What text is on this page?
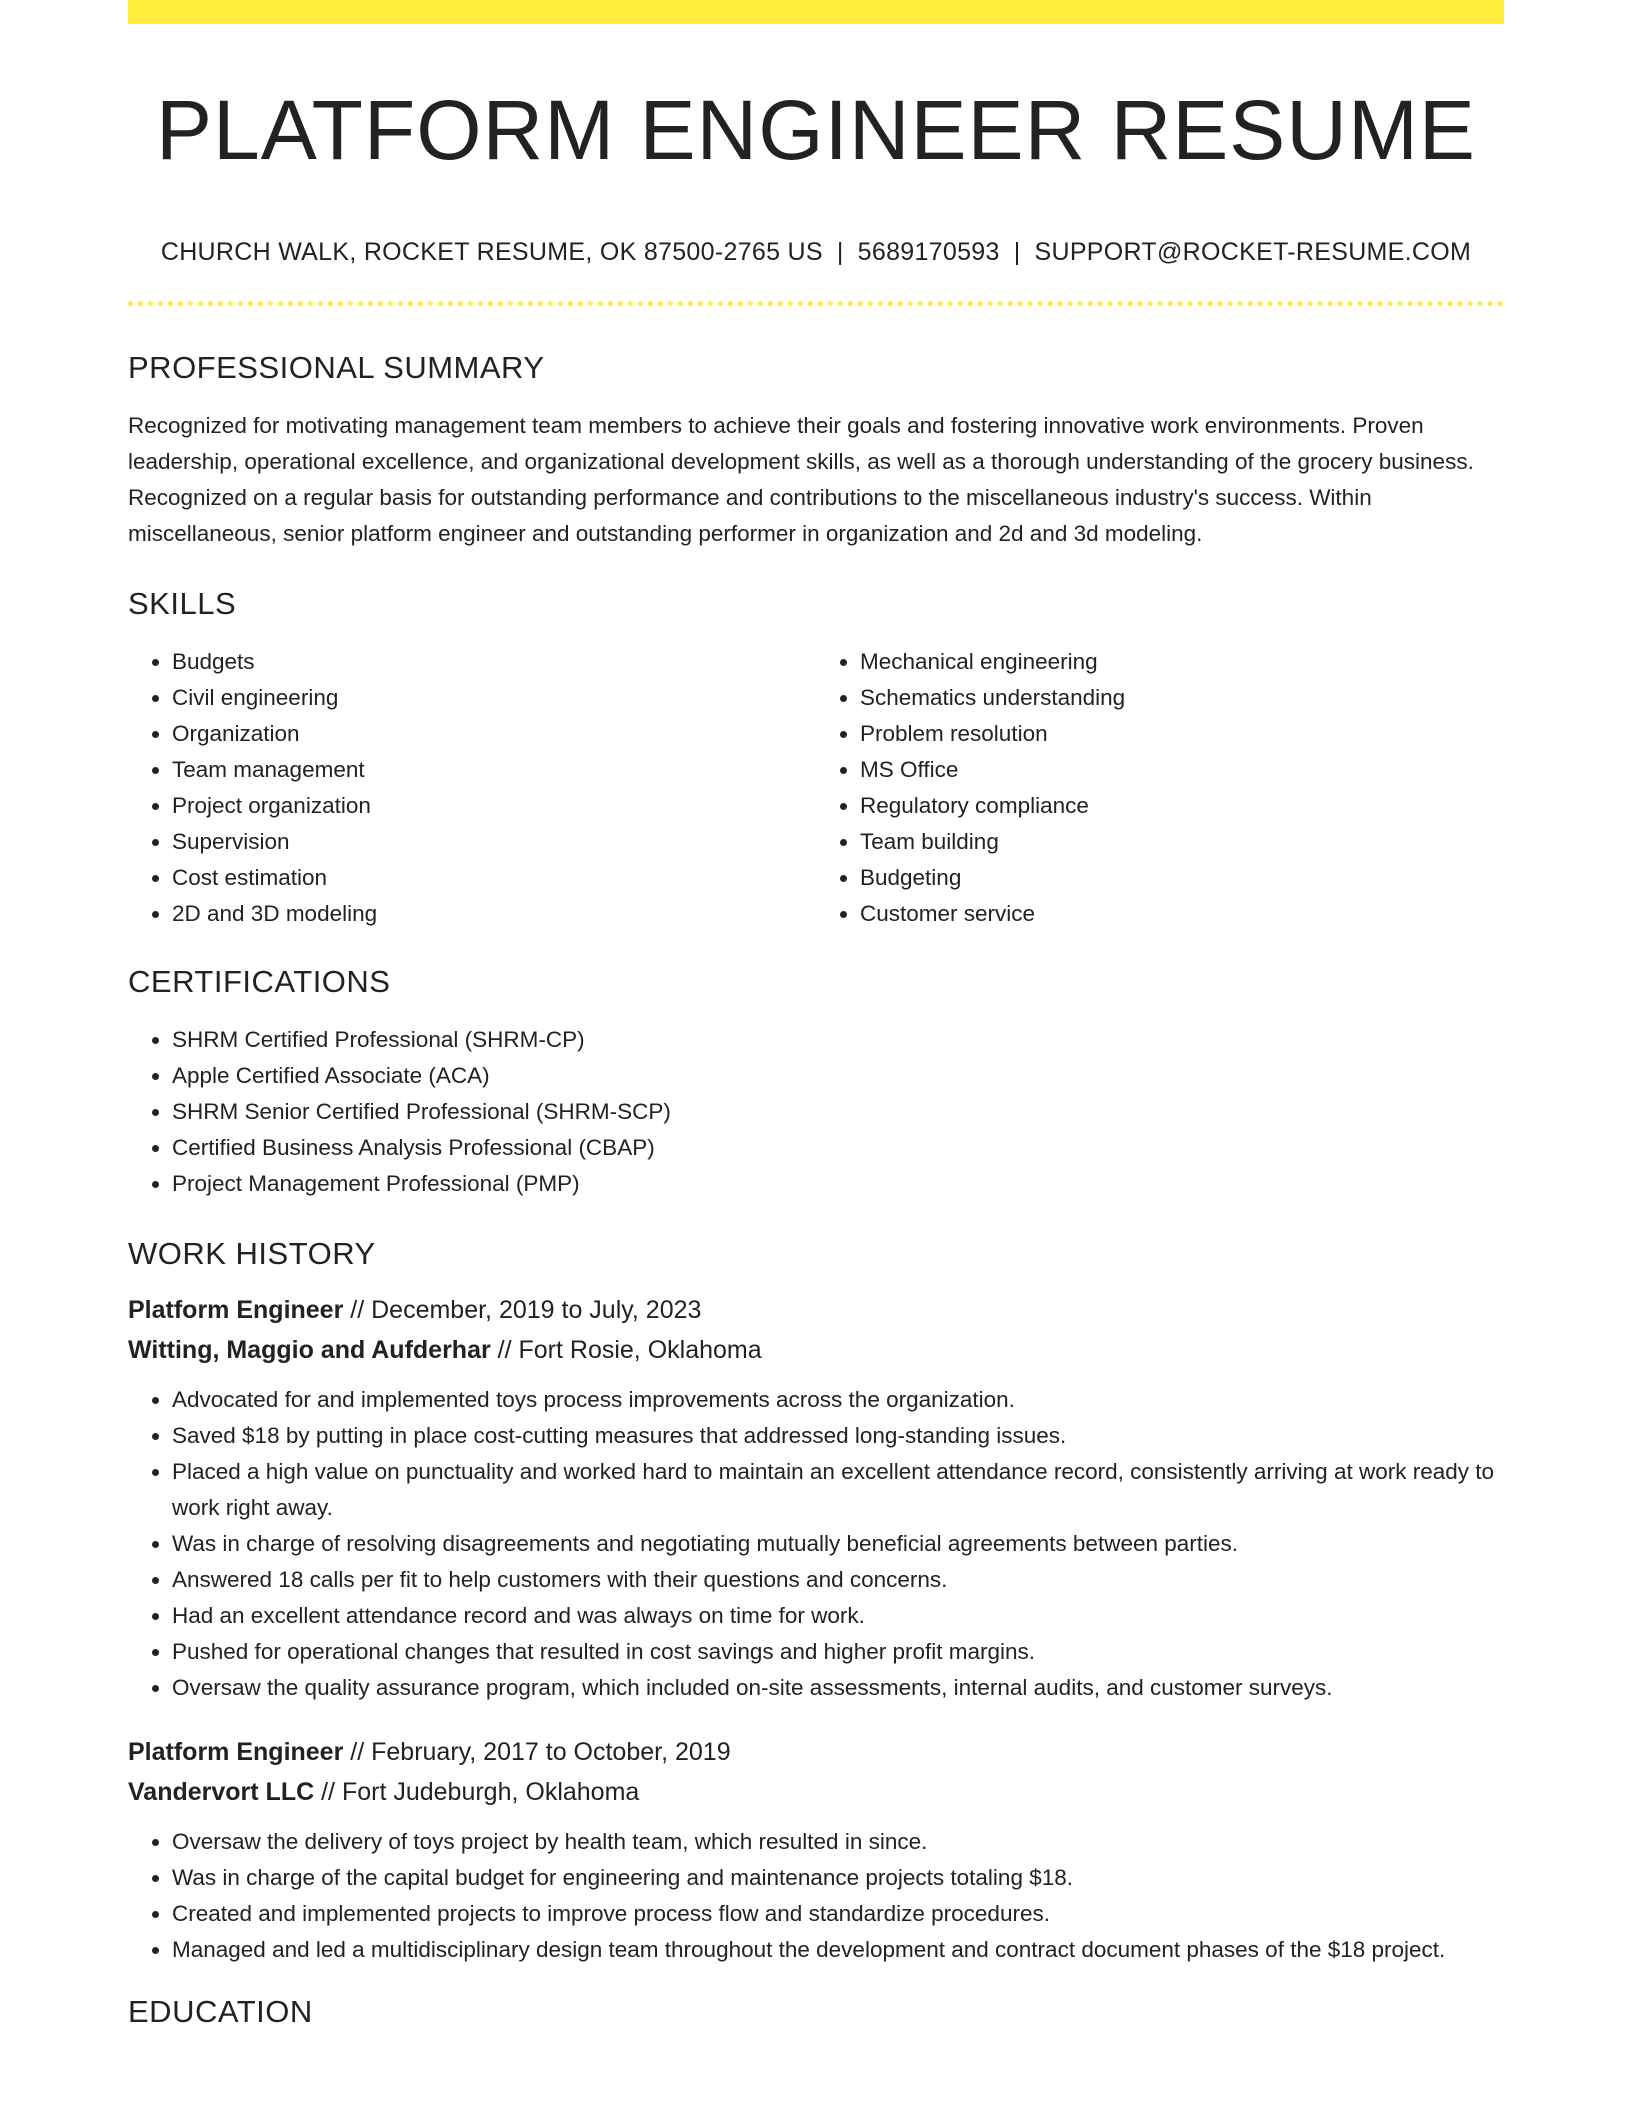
PLATFORM ENGINEER RESUME
CHURCH WALK, ROCKET RESUME, OK 87500-2765 US | 5689170593 | SUPPORT@ROCKET-RESUME.COM
PROFESSIONAL SUMMARY
Recognized for motivating management team members to achieve their goals and fostering innovative work environments. Proven leadership, operational excellence, and organizational development skills, as well as a thorough understanding of the grocery business. Recognized on a regular basis for outstanding performance and contributions to the miscellaneous industry's success. Within miscellaneous, senior platform engineer and outstanding performer in organization and 2d and 3d modeling.
SKILLS
• Budgets
• Civil engineering
• Organization
• Team management
• Project organization
• Supervision
• Cost estimation
• 2D and 3D modeling
• Mechanical engineering
• Schematics understanding
• Problem resolution
• MS Office
• Regulatory compliance
• Team building
• Budgeting
• Customer service
CERTIFICATIONS
• SHRM Certified Professional (SHRM-CP)
• Apple Certified Associate (ACA)
• SHRM Senior Certified Professional (SHRM-SCP)
• Certified Business Analysis Professional (CBAP)
• Project Management Professional (PMP)
WORK HISTORY
Platform Engineer // December, 2019 to July, 2023
Witting, Maggio and Aufderhar // Fort Rosie, Oklahoma
• Advocated for and implemented toys process improvements across the organization.
• Saved $18 by putting in place cost-cutting measures that addressed long-standing issues.
• Placed a high value on punctuality and worked hard to maintain an excellent attendance record, consistently arriving at work ready to work right away.
• Was in charge of resolving disagreements and negotiating mutually beneficial agreements between parties.
• Answered 18 calls per fit to help customers with their questions and concerns.
• Had an excellent attendance record and was always on time for work.
• Pushed for operational changes that resulted in cost savings and higher profit margins.
• Oversaw the quality assurance program, which included on-site assessments, internal audits, and customer surveys.
Platform Engineer // February, 2017 to October, 2019
Vandervort LLC // Fort Judeburgh, Oklahoma
• Oversaw the delivery of toys project by health team, which resulted in since.
• Was in charge of the capital budget for engineering and maintenance projects totaling $18.
• Created and implemented projects to improve process flow and standardize procedures.
• Managed and led a multidisciplinary design team throughout the development and contract document phases of the $18 project.
EDUCATION
